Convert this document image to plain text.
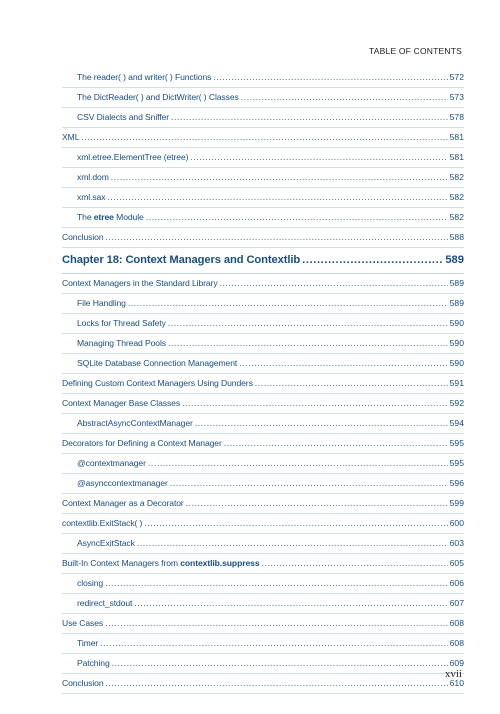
TABLE OF CONTENTS
The reader( ) and writer( ) Functions .....	572
The DictReader( ) and DictWriter( ) Classes .....	573
CSV Dialects and Sniffer .....	578
XML .....	581
xml.etree.ElementTree (etree) .....	581
xml.dom .....	582
xml.sax .....	582
The etree Module .....	582
Conclusion .....	588
Chapter 18: Context Managers and Contextlib .....	589
Context Managers in the Standard Library .....	589
File Handling .....	589
Locks for Thread Safety .....	590
Managing Thread Pools .....	590
SQLite Database Connection Management .....	590
Defining Custom Context Managers Using Dunders .....	591
Context Manager Base Classes .....	592
AbstractAsyncContextManager .....	594
Decorators for Defining a Context Manager .....	595
@contextmanager .....	595
@asynccontextmanager .....	596
Context Manager as a Decorator .....	599
contextlib.ExitStack( ) .....	600
AsyncExitStack .....	603
Built-In Context Managers from contextlib.suppress .....	605
closing .....	606
redirect_stdout .....	607
Use Cases .....	608
Timer .....	608
Patching .....	609
Conclusion .....	610
xvii
